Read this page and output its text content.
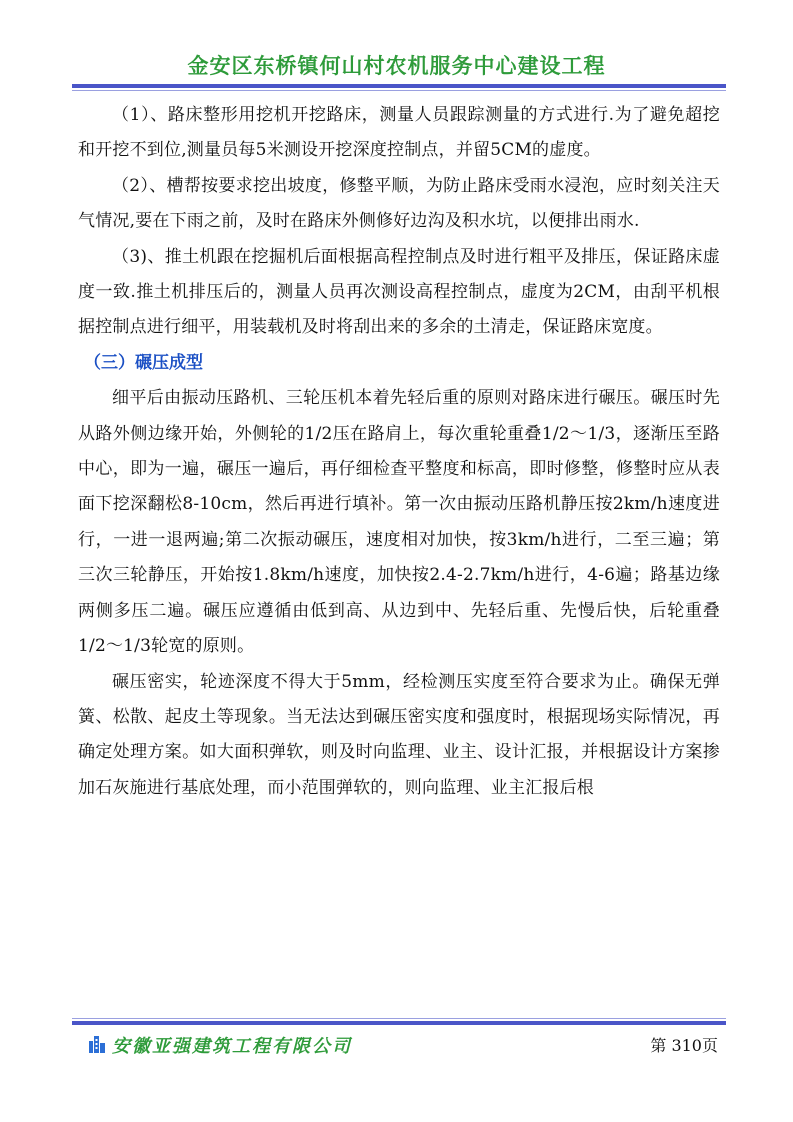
金安区东桥镇何山村农机服务中心建设工程

（1）、路床整形用挖机开挖路床，测量人员跟踪测量的方式进行.为了避免超挖和开挖不到位,测量员每5米测设开挖深度控制点，并留5CM的虚度。

（2）、槽帮按要求挖出坡度，修整平顺，为防止路床受雨水浸泡，应时刻关注天气情况,要在下雨之前，及时在路床外侧修好边沟及积水坑，以便排出雨水.

（3)、推土机跟在挖掘机后面根据高程控制点及时进行粗平及排压，保证路床虚度一致.推土机排压后的，测量人员再次测设高程控制点，虚度为2CM，由刮平机根据控制点进行细平，用装载机及时将刮出来的多余的土清走，保证路床宽度。

（三）碾压成型

细平后由振动压路机、三轮压机本着先轻后重的原则对路床进行碾压。碾压时先从路外侧边缘开始，外侧轮的1/2压在路肩上，每次重轮重叠1/2～1/3，逐渐压至路中心，即为一遍，碾压一遍后，再仔细检查平整度和标高，即时修整，修整时应从表面下挖深翻松8-10cm，然后再进行填补。第一次由振动压路机静压按2km/h速度进行，一进一退两遍;第二次振动碾压，速度相对加快，按3km/h进行，二至三遍；第三次三轮静压，开始按1.8km/h速度，加快按2.4-2.7km/h进行，4-6遍；路基边缘两侧多压二遍。碾压应遵循由低到高、从边到中、先轻后重、先慢后快，后轮重叠1/2～1/3轮宽的原则。

碾压密实，轮迹深度不得大于5mm，经检测压实度至符合要求为止。确保无弹簧、松散、起皮土等现象。当无法达到碾压密实度和强度时，根据现场实际情况，再确定处理方案。如大面积弹软，则及时向监理、业主、设计汇报，并根据设计方案掺加石灰施进行基底处理，而小范围弹软的，则向监理、业主汇报后根

安徽亚强建筑工程有限公司	第 310页
